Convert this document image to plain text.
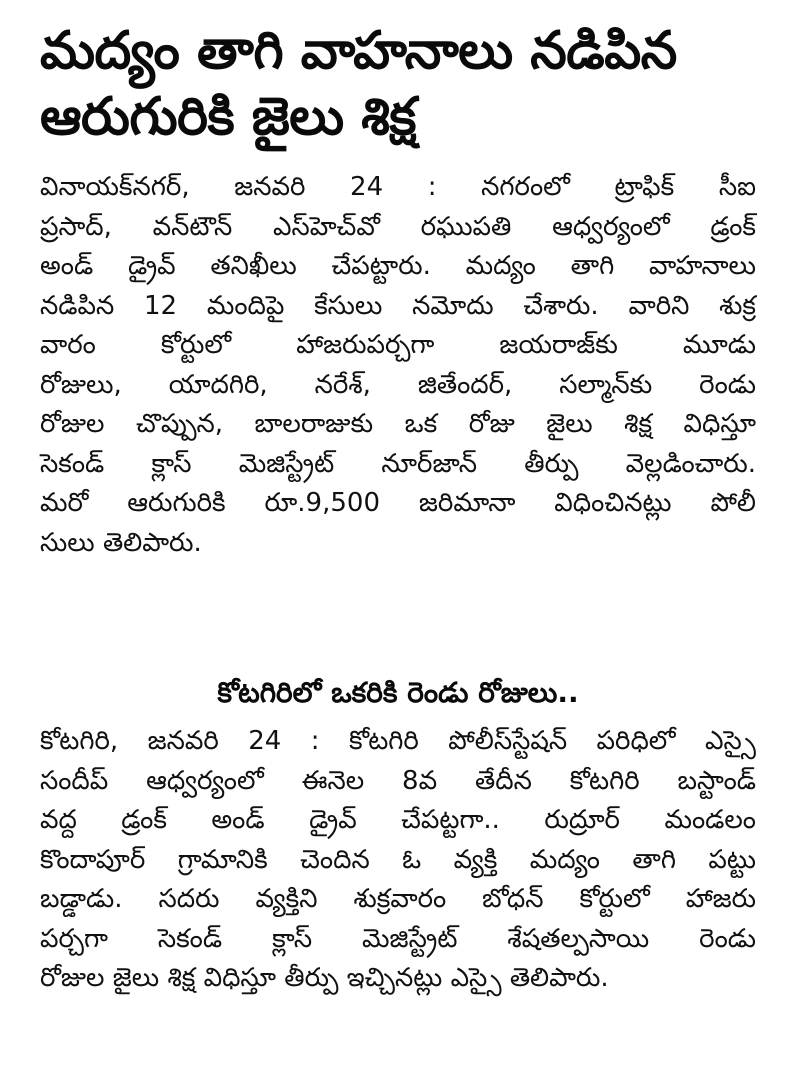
మద్యం తాగి వాహనాలు నడిపిన
ఆరుగురికి జైలు శిక్ష
వినాయక్‌నగర్, జనవరి 24 : నగరంలో ట్రాఫిక్ సీఐ
ప్రసాద్, వన్‌టౌన్ ఎస్‌హెచ్‌వో రఘుపతి ఆధ్వర్యంలో డ్రంక్
అండ్ డ్రైవ్ తనిఖీలు చేపట్టారు. మద్యం తాగి వాహనాలు
నడిపిన 12 మందిపై కేసులు నమోదు చేశారు. వారిని శుక్ర
వారం కోర్టులో హాజరుపర్చగా జయరాజ్‌కు మూడు
రోజులు, యాదగిరి, నరేశ్, జితేందర్, సల్మాన్‌కు రెండు
రోజుల చొప్పున, బాలరాజుకు ఒక రోజు జైలు శిక్ష విధిస్తూ
సెకండ్ క్లాస్ మెజిస్ట్రేట్ నూర్‌జాన్ తీర్పు వెల్లడించారు.
మరో ఆరుగురికి రూ.9,500 జరిమానా విధించినట్లు పోలీ
సులు తెలిపారు.
కోటగిరిలో ఒకరికి రెండు రోజులు..
కోటగిరి, జనవరి 24 : కోటగిరి పోలీస్‌స్టేషన్ పరిధిలో ఎస్సై
సందీప్ ఆధ్వర్యంలో ఈనెల 8వ తేదీన కోటగిరి బస్టాండ్
వద్ద డ్రంక్ అండ్ డ్రైవ్ చేపట్టగా.. రుద్రూర్ మండలం
కొందాపూర్ గ్రామానికి చెందిన ఓ వ్యక్తి మద్యం తాగి పట్టు
బడ్డాడు. సదరు వ్యక్తిని శుక్రవారం బోధన్ కోర్టులో హాజరు
పర్చగా సెకండ్ క్లాస్ మెజిస్ట్రేట్ శేషతల్పసాయి రెండు
రోజుల జైలు శిక్ష విధిస్తూ తీర్పు ఇచ్చినట్లు ఎస్సై తెలిపారు.
